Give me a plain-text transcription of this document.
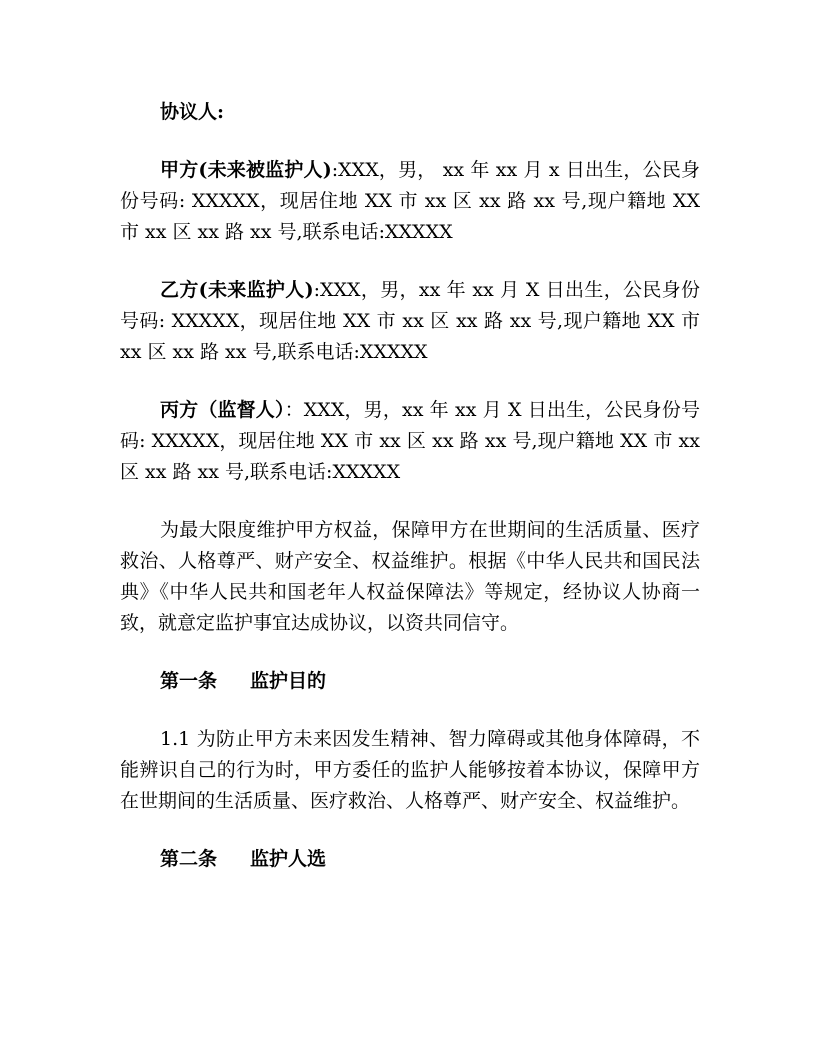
协议人:

甲方(未来被监护人):XXX，男， xx 年 xx 月 x 日出生，公民身份号码: XXXXX，现居住地 XX 市 xx 区 xx 路 xx 号,现户籍地 XX 市 xx 区 xx 路 xx 号,联系电话:XXXXX

乙方(未来监护人):XXX，男，xx 年 xx 月 X 日出生，公民身份号码: XXXXX，现居住地 XX 市 xx 区 xx 路 xx 号,现户籍地 XX 市 xx 区 xx 路 xx 号,联系电话:XXXXX

丙方（监督人）：XXX，男，xx 年 xx 月 X 日出生，公民身份号码: XXXXX，现居住地 XX 市 xx 区 xx 路 xx 号,现户籍地 XX 市 xx 区 xx 路 xx 号,联系电话:XXXXX

为最大限度维护甲方权益，保障甲方在世期间的生活质量、医疗救治、人格尊严、财产安全、权益维护。根据《中华人民共和国民法典》《中华人民共和国老年人权益保障法》等规定，经协议人协商一致，就意定监护事宜达成协议，以资共同信守。

第一条 监护目的

1.1 为防止甲方未来因发生精神、智力障碍或其他身体障碍，不能辨识自己的行为时，甲方委任的监护人能够按着本协议，保障甲方在世期间的生活质量、医疗救治、人格尊严、财产安全、权益维护。

第二条 监护人选
